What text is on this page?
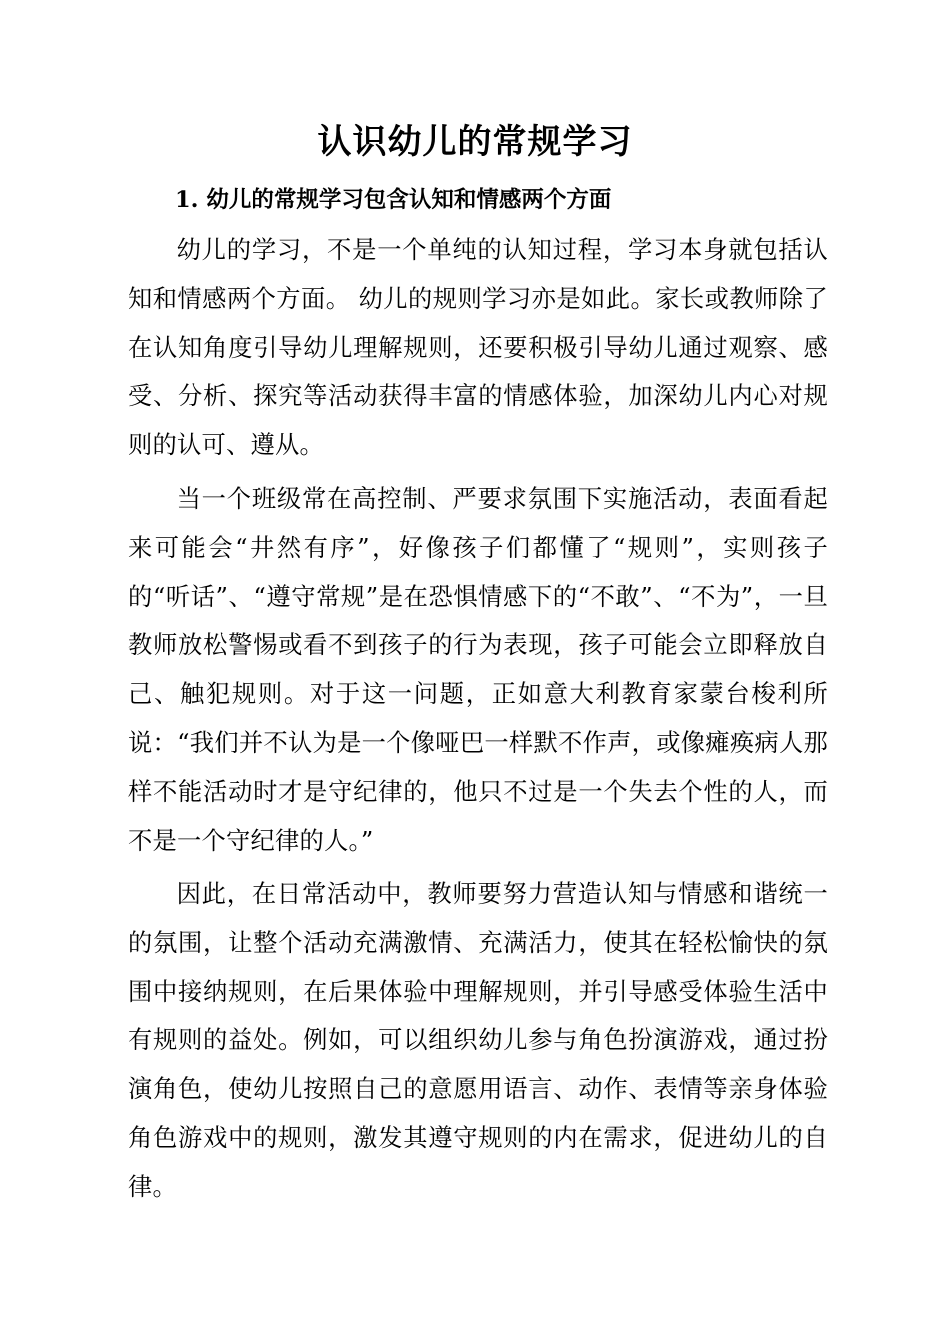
认识幼儿的常规学习
1. 幼儿的常规学习包含认知和情感两个方面

幼儿的学习，不是一个单纯的认知过程，学习本身就包括认知和情感两个方面。 幼儿的规则学习亦是如此。家长或教师除了在认知角度引导幼儿理解规则，还要积极引导幼儿通过观察、感受、分析、探究等活动获得丰富的情感体验，加深幼儿内心对规则的认可、遵从。

当一个班级常在高控制、严要求氛围下实施活动，表面看起来可能会“井然有序”，好像孩子们都懂了“规则”，实则孩子的“听话”、“遵守常规”是在恐惧情感下的“不敢”、“不为”，一旦教师放松警惕或看不到孩子的行为表现，孩子可能会立即释放自己、触犯规则。对于这一问题，正如意大利教育家蒙台梭利所说：“我们并不认为是一个像哑巴一样默不作声，或像瘫痪病人那样不能活动时才是守纪律的，他只不过是一个失去个性的人，而不是一个守纪律的人。”

因此，在日常活动中，教师要努力营造认知与情感和谐统一的氛围，让整个活动充满激情、充满活力，使其在轻松愉快的氛围中接纳规则，在后果体验中理解规则，并引导感受体验生活中有规则的益处。例如，可以组织幼儿参与角色扮演游戏，通过扮演角色，使幼儿按照自己的意愿用语言、动作、表情等亲身体验角色游戏中的规则，激发其遵守规则的内在需求，促进幼儿的自律。
